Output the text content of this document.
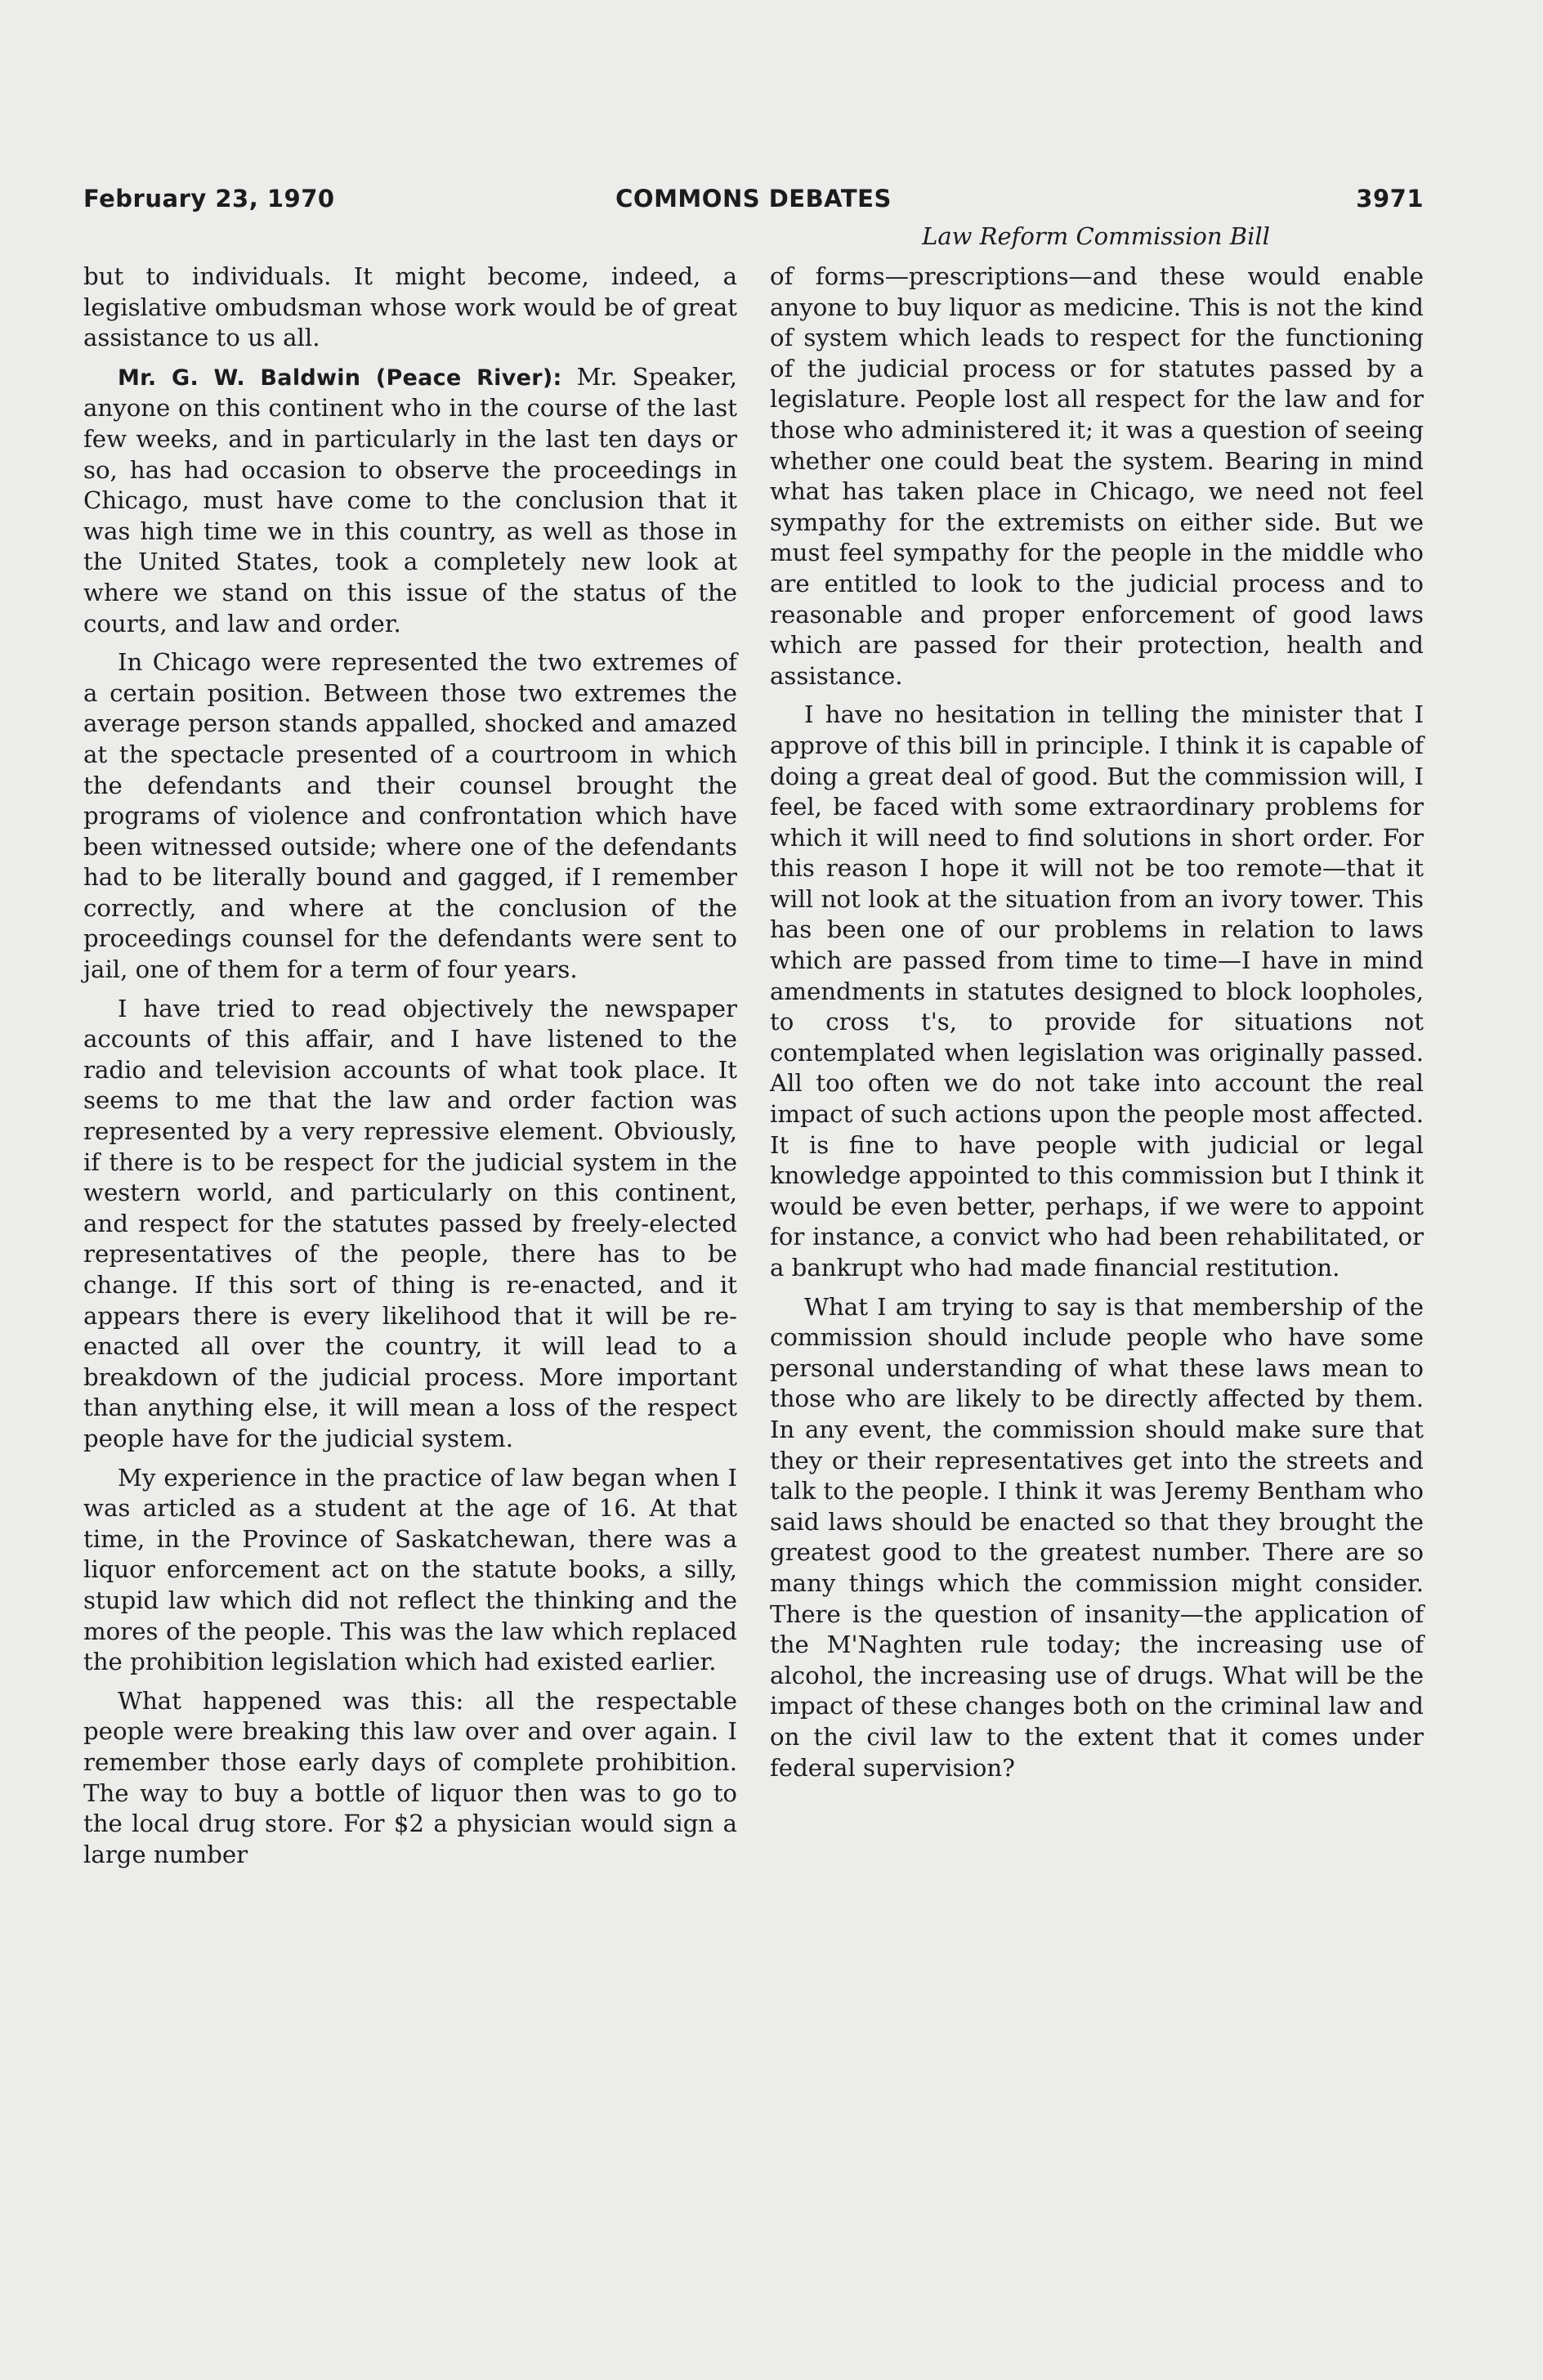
February 23, 1970	COMMONS DEBATES	3971
Law Reform Commission Bill

but to individuals. It might become, indeed, a legislative ombudsman whose work would be of great assistance to us all.

Mr. G. W. Baldwin (Peace River): Mr. Speaker, anyone on this continent who in the course of the last few weeks, and in particularly in the last ten days or so, has had occasion to observe the proceedings in Chicago, must have come to the conclusion that it was high time we in this country, as well as those in the United States, took a completely new look at where we stand on this issue of the status of the courts, and law and order.

In Chicago were represented the two extremes of a certain position. Between those two extremes the average person stands appalled, shocked and amazed at the spectacle presented of a courtroom in which the defendants and their counsel brought the programs of violence and confrontation which have been witnessed outside; where one of the defendants had to be literally bound and gagged, if I remember correctly, and where at the conclusion of the proceedings counsel for the defendants were sent to jail, one of them for a term of four years.

I have tried to read objectively the newspaper accounts of this affair, and I have listened to the radio and television accounts of what took place. It seems to me that the law and order faction was represented by a very repressive element. Obviously, if there is to be respect for the judicial system in the western world, and particularly on this continent, and respect for the statutes passed by freely-elected representatives of the people, there has to be change. If this sort of thing is re-enacted, and it appears there is every likelihood that it will be re-enacted all over the country, it will lead to a breakdown of the judicial process. More important than anything else, it will mean a loss of the respect people have for the judicial system.

My experience in the practice of law began when I was articled as a student at the age of 16. At that time, in the Province of Saskatchewan, there was a liquor enforcement act on the statute books, a silly, stupid law which did not reflect the thinking and the mores of the people. This was the law which replaced the prohibition legislation which had existed earlier.

What happened was this: all the respectable people were breaking this law over and over again. I remember those early days of complete prohibition. The way to buy a bottle of liquor then was to go to the local drug store. For $2 a physician would sign a large number

of forms—prescriptions—and these would enable anyone to buy liquor as medicine. This is not the kind of system which leads to respect for the functioning of the judicial process or for statutes passed by a legislature. People lost all respect for the law and for those who administered it; it was a question of seeing whether one could beat the system. Bearing in mind what has taken place in Chicago, we need not feel sympathy for the extremists on either side. But we must feel sympathy for the people in the middle who are entitled to look to the judicial process and to reasonable and proper enforcement of good laws which are passed for their protection, health and assistance.

I have no hesitation in telling the minister that I approve of this bill in principle. I think it is capable of doing a great deal of good. But the commission will, I feel, be faced with some extraordinary problems for which it will need to find solutions in short order. For this reason I hope it will not be too remote—that it will not look at the situation from an ivory tower. This has been one of our problems in relation to laws which are passed from time to time—I have in mind amendments in statutes designed to block loopholes, to cross t's, to provide for situations not contemplated when legislation was originally passed. All too often we do not take into account the real impact of such actions upon the people most affected. It is fine to have people with judicial or legal knowledge appointed to this commission but I think it would be even better, perhaps, if we were to appoint for instance, a convict who had been rehabilitated, or a bankrupt who had made financial restitution.

What I am trying to say is that membership of the commission should include people who have some personal understanding of what these laws mean to those who are likely to be directly affected by them. In any event, the commission should make sure that they or their representatives get into the streets and talk to the people. I think it was Jeremy Bentham who said laws should be enacted so that they brought the greatest good to the greatest number. There are so many things which the commission might consider. There is the question of insanity—the application of the M'Naghten rule today; the increasing use of alcohol, the increasing use of drugs. What will be the impact of these changes both on the criminal law and on the civil law to the extent that it comes under federal supervision?
